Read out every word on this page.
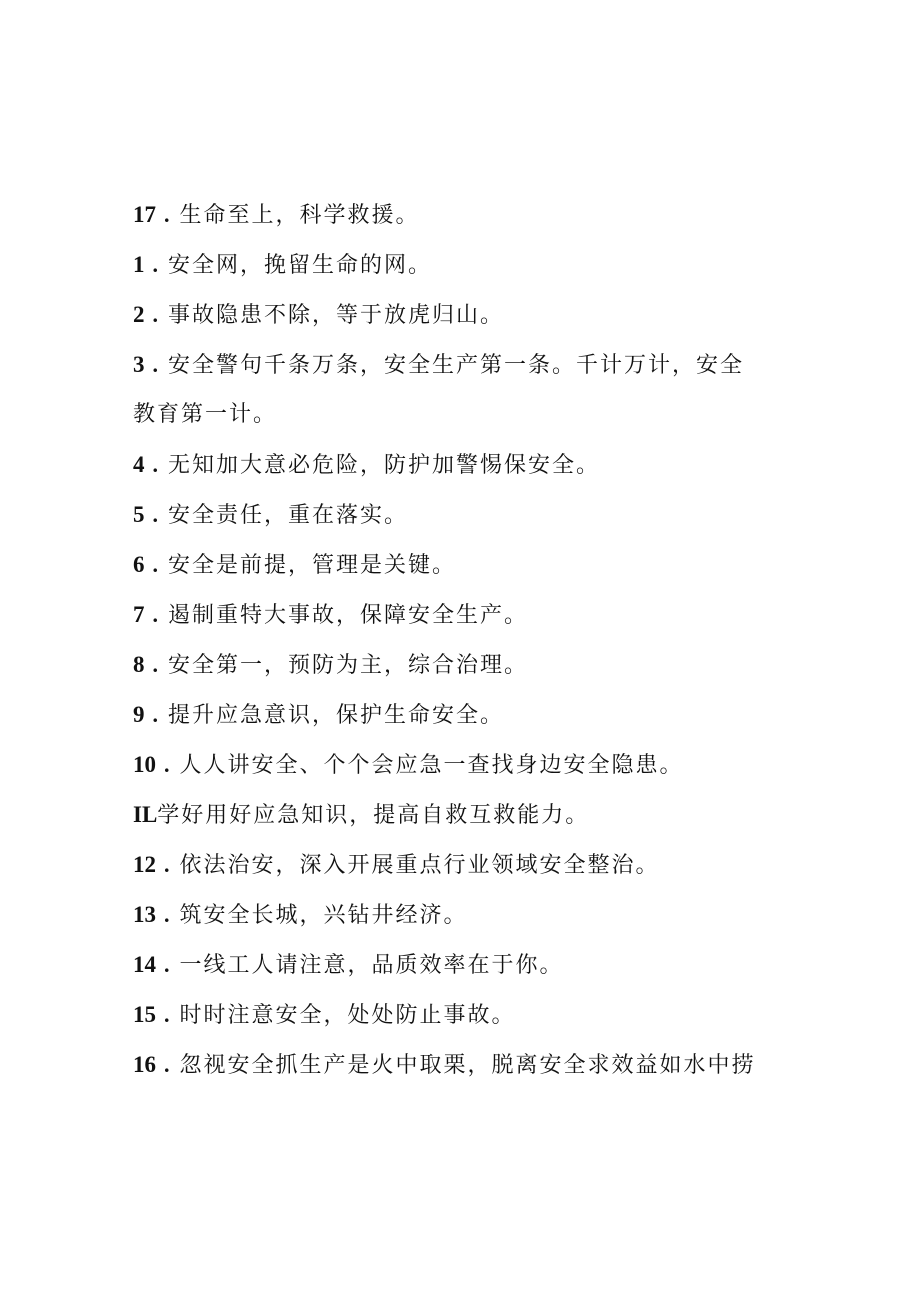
17 . 生命至上，科学救援。
1 . 安全网，挽留生命的网。
2 . 事故隐患不除，等于放虎归山。
3 . 安全警句千条万条，安全生产第一条。千计万计，安全
教育第一计。
4 . 无知加大意必危险，防护加警惕保安全。
5 . 安全责任，重在落实。
6 . 安全是前提，管理是关键。
7 . 遏制重特大事故，保障安全生产。
8 . 安全第一，预防为主，综合治理。
9 . 提升应急意识，保护生命安全。
10 . 人人讲安全、个个会应急一查找身边安全隐患。
IL学好用好应急知识，提高自救互救能力。
12 . 依法治安，深入开展重点行业领域安全整治。
13 . 筑安全长城，兴钻井经济。
14 . 一线工人请注意，品质效率在于你。
15 . 时时注意安全，处处防止事故。
16 . 忽视安全抓生产是火中取栗，脱离安全求效益如水中捞
